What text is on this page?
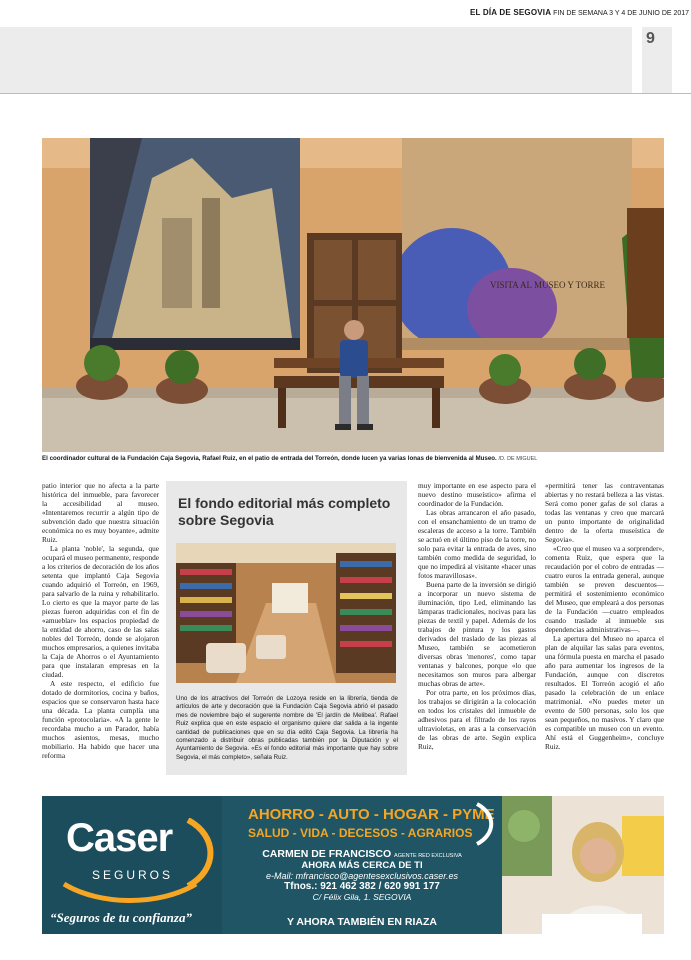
EL DÍA DE SEGOVIA FIN DE SEMANA 3 Y 4 DE JUNIO DE 2017
9
VISITA AL MUSEO Y TORRE
El coordinador cultural de la Fundación Caja Segovia, Rafael Ruiz, en el patio de entrada del Torreón, donde lucen ya varias lonas de bienvenida al Museo. /D. DE MIGUEL

patio interior que no afecta a la parte histórica del inmueble, para favorecer la accesibilidad al museo. «Intentaremos recurrir a algún tipo de subvención dado que nuestra situación económica no es muy boyante», admite Ruiz.

La planta 'noble', la segunda, que ocupará el museo permanente, responde a los criterios de decoración de los años setenta que implantó Caja Segovia cuando adquirió el Torreón, en 1969, para salvarlo de la ruina y rehabilitarlo. Lo cierto es que la mayor parte de las piezas fueron adquiridas con el fin de «amueblar» los espacios propiedad de la entidad de ahorro, caso de las salas nobles del Torreón, donde se alojaron muchos empresarios, a quienes invitaba la Caja de Ahorros o el Ayuntamiento para que instalaran empresas en la ciudad.

A este respecto, el edificio fue dotado de dormitorios, cocina y baños, espacios que se conservaron hasta hace una década. La planta cumplía una función «protocolaria». «A la gente le recordaba mucho a un Parador, había muchos asientos, mesas, mucho mobiliario. Ha habido que hacer una reforma

El fondo editorial más completo sobre Segovia
Uno de los atractivos del Torreón de Lozoya reside en la librería, tienda de artículos de arte y decoración que la Fundación Caja Segovia abrió el pasado mes de noviembre bajo el sugerente nombre de 'El jardín de Melibea'. Rafael Ruiz explica que en este espacio el organismo quiere dar salida a la ingente cantidad de publicaciones que en su día editó Caja Segovia. La librería ha comenzado a distribuir obras publicadas también por la Diputación y el Ayuntamiento de Segovia. «Es el fondo editorial más importante que hay sobre Segovia, el más completo», señala Ruiz.

muy importante en ese aspecto para el nuevo destino museístico» afirma el coordinador de la Fundación.

Las obras arrancaron el año pasado, con el ensanchamiento de un tramo de escaleras de acceso a la torre. También se actuó en el último piso de la torre, no solo para evitar la entrada de aves, sino también como medida de seguridad, lo que no impedirá al visitante «hacer unas fotos maravillosas».

Buena parte de la inversión se dirigió a incorporar un nuevo sistema de iluminación, tipo Led, eliminando las lámparas tradicionales, nocivas para las piezas de textil y papel. Además de los trabajos de pintura y los gastos derivados del traslado de las piezas al Museo, también se acometieron diversas obras 'menores', como tapar ventanas y balcones, porque «lo que necesitamos son muros para albergar muchas obras de arte».

Por otra parte, en los próximos días, los trabajos se dirigirán a la colocación en todos los cristales del inmueble de adhesivos para el filtrado de los rayos ultravioletas, en aras a la conservación de las obras de arte. Según explica Ruiz,

«permitirá tener las contraventanas abiertas y no restará belleza a las vistas. Será como poner gafas de sol claras a todas las ventanas y creo que marcará un punto importante de originalidad dentro de la oferta museística de Segovia».

«Creo que el museo va a sorprender», comenta Ruiz, que espera que la recaudación por el cobro de entradas —cuatro euros la entrada general, aunque también se preven descuentos— permitirá el sostenimiento económico del Museo, que empleará a dos personas de la Fundación —cuatro empleados cuando traslade al inmueble sus dependencias administrativas—.

La apertura del Museo no aparca el plan de alquilar las salas para eventos, una fórmula puesta en marcha el pasado año para aumentar los ingresos de la Fundación, aunque con discretos resultados. El Torreón acogió el año pasado la celebración de un enlace matrimonial. «No puedes meter un evento de 500 personas, solo los que sean pequeños, no masivos. Y claro que es compatible un museo con un evento. Ahí está el Guggenheim», concluye Ruiz.

Caser
SEGUROS
“Seguros de tu confianza”
AHORRO - AUTO - HOGAR - PYME
SALUD - VIDA - DECESOS - AGRARIOS
CARMEN DE FRANCISCO AGENTE RED EXCLUSIVA
AHORA MÁS CERCA DE TI
e-Mail: mfrancisco@agentesexclusivos.caser.es
Tfnos.: 921 462 382 / 620 991 177
C/ Félix Gila, 1. SEGOVIA
Y AHORA TAMBIÉN EN RIAZA
